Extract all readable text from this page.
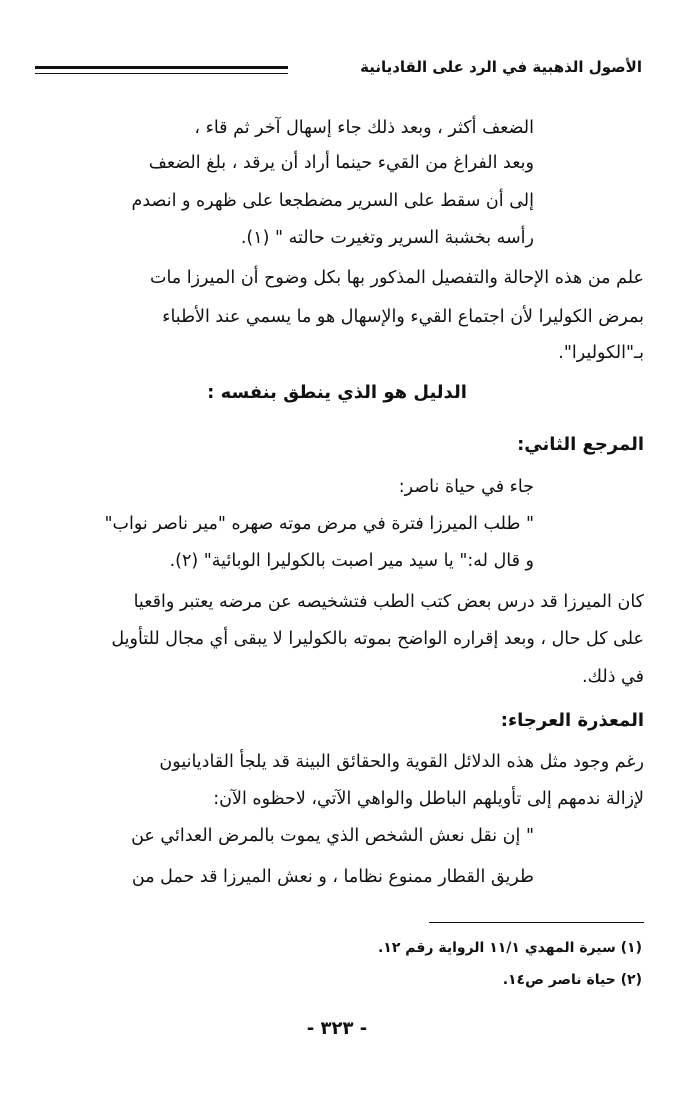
الأصول الذهبية في الرد على القاديانية
الضعف أكثر ، وبعد ذلك جاء إسهال آخر ثم قاء ،
وبعد الفراغ من القيء حينما أراد أن يرقد ، بلغ الضعف
إلى أن سقط على السرير مضطجعا على ظهره و انصدم
رأسه بخشبة السرير وتغيرت حالته " (١).
علم من هذه الإحالة والتفصيل المذكور بها بكل وضوح أن الميرزا مات
بمرض الكوليرا لأن اجتماع القيء والإسهال هو ما يسمي عند الأطباء
بـ"الكوليرا".
الدليل هو الذي ينطق بنفسه :
المرجع الثاني:
جاء في حياة ناصر:
" طلب الميرزا فترة في مرض موته صهره "مير ناصر نواب"
و قال له:" يا سيد مير اصبت بالكوليرا الوبائية" (٢).
كان الميرزا قد درس بعض كتب الطب فتشخيصه عن مرضه يعتبر واقعيا
على كل حال ، وبعد إقراره الواضح بموته بالكوليرا لا يبقى أي مجال للتأويل
في ذلك.
المعذرة العرجاء:
رغم وجود مثل هذه الدلائل القوية والحقائق البينة قد يلجأ القاديانيون
لإزالة ندمهم إلى تأويلهم الباطل والواهي الآتي، لاحظوه الآن:
" إن نقل نعش الشخص الذي يموت بالمرض العدائي عن
طريق القطار ممنوع نظاما ، و نعش الميرزا قد حمل من
(١) سيرة المهدي ١١/١ الرواية رقم ١٢.
(٢) حياة ناصر ص١٤.
- ٣٢٣ -
